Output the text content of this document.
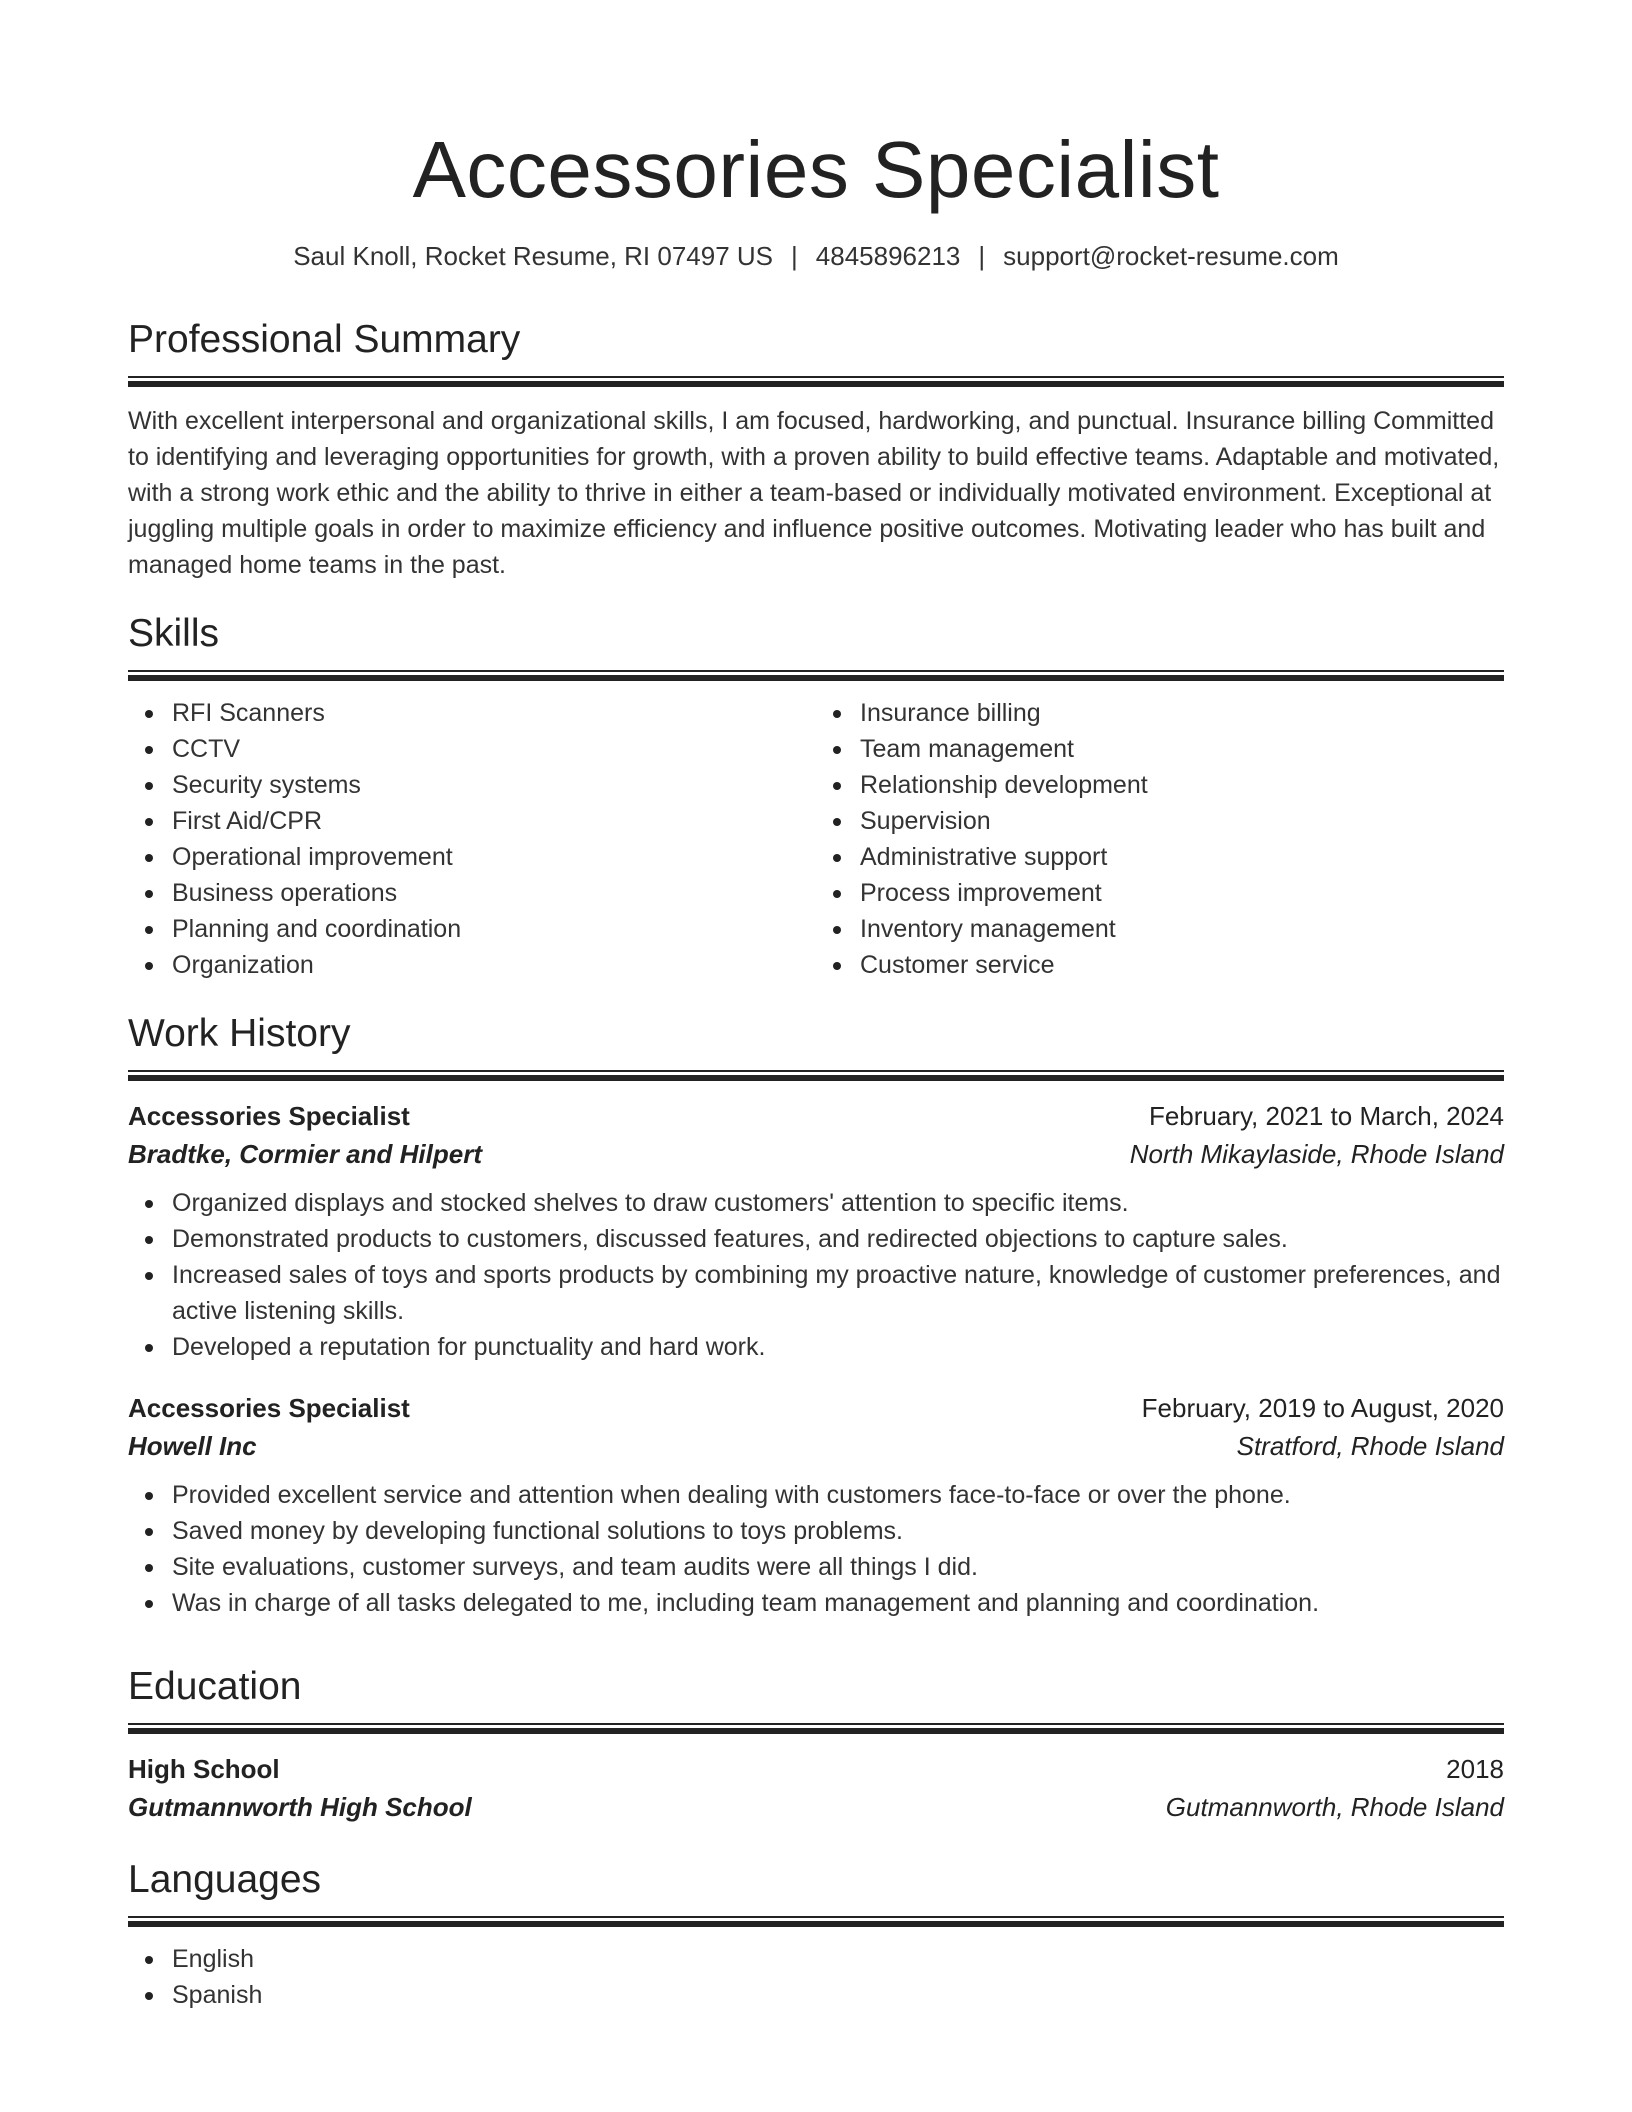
Accessories Specialist
Saul Knoll, Rocket Resume, RI 07497 US | 4845896213 | support@rocket-resume.com
Professional Summary
With excellent interpersonal and organizational skills, I am focused, hardworking, and punctual. Insurance billing Committed to identifying and leveraging opportunities for growth, with a proven ability to build effective teams. Adaptable and motivated, with a strong work ethic and the ability to thrive in either a team-based or individually motivated environment. Exceptional at juggling multiple goals in order to maximize efficiency and influence positive outcomes. Motivating leader who has built and managed home teams in the past.
Skills
RFI Scanners
CCTV
Security systems
First Aid/CPR
Operational improvement
Business operations
Planning and coordination
Organization
Insurance billing
Team management
Relationship development
Supervision
Administrative support
Process improvement
Inventory management
Customer service
Work History
Accessories Specialist	February, 2021 to March, 2024
Bradtke, Cormier and Hilpert	North Mikaylaside, Rhode Island
Organized displays and stocked shelves to draw customers' attention to specific items.
Demonstrated products to customers, discussed features, and redirected objections to capture sales.
Increased sales of toys and sports products by combining my proactive nature, knowledge of customer preferences, and active listening skills.
Developed a reputation for punctuality and hard work.
Accessories Specialist	February, 2019 to August, 2020
Howell Inc	Stratford, Rhode Island
Provided excellent service and attention when dealing with customers face-to-face or over the phone.
Saved money by developing functional solutions to toys problems.
Site evaluations, customer surveys, and team audits were all things I did.
Was in charge of all tasks delegated to me, including team management and planning and coordination.
Education
High School	2018
Gutmannworth High School	Gutmannworth, Rhode Island
Languages
English
Spanish
